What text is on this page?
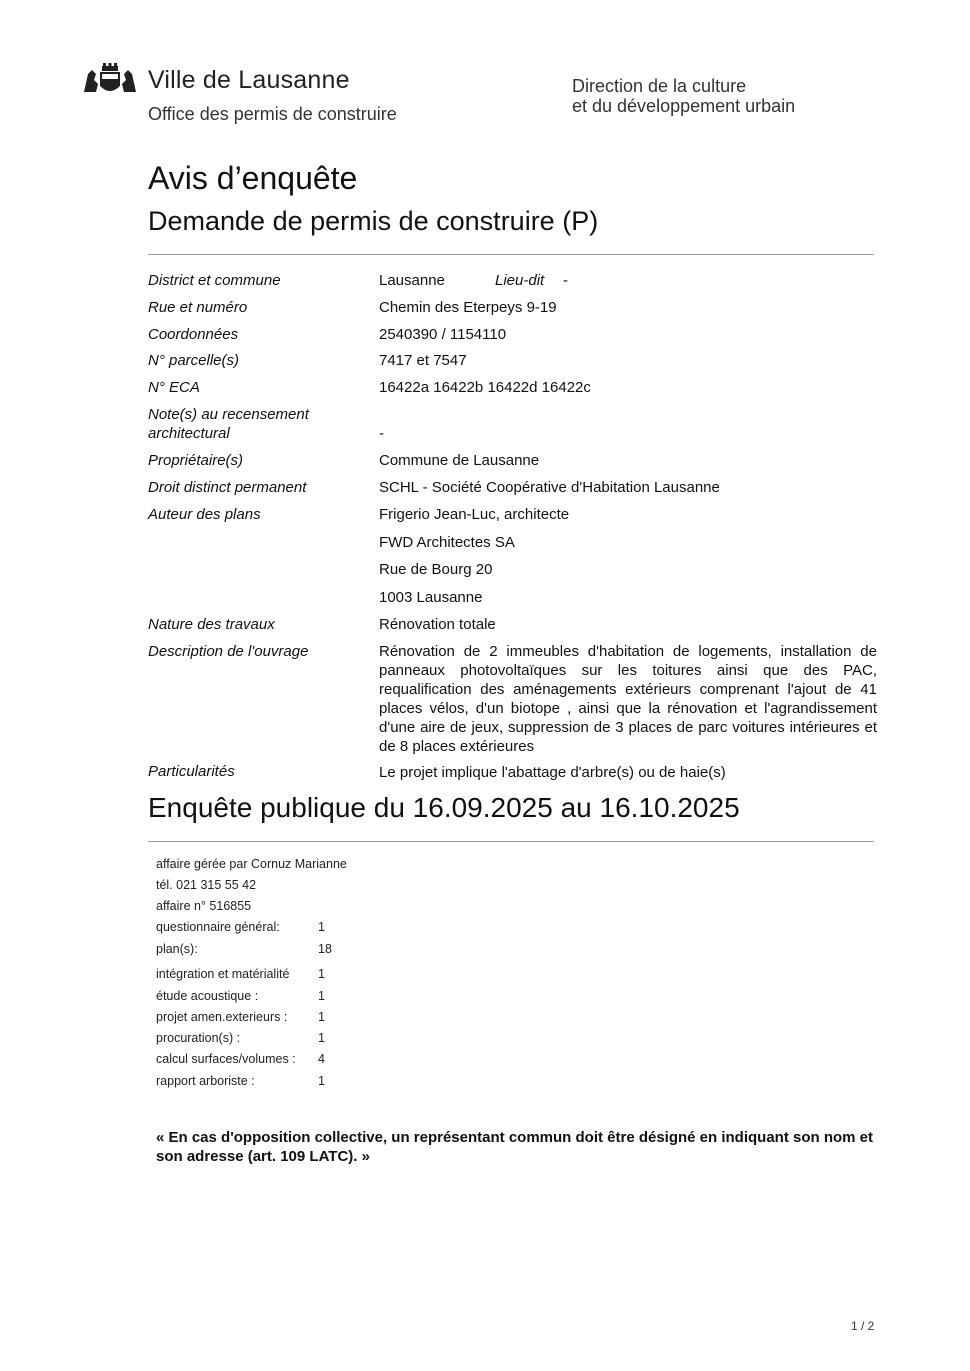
Ville de Lausanne
Office des permis de construire
Direction de la culture
et du développement urbain
Avis d’enquête
Demande de permis de construire (P)
District et commune	Lausanne	Lieu-dit -
Rue et numéro	Chemin des Eterpeys 9-19
Coordonnées	2540390 / 1154110
N° parcelle(s)	7417 et 7547
N° ECA	16422a 16422b 16422d 16422c
Note(s) au recensement
architectural	-
Propriétaire(s)	Commune de Lausanne
Droit distinct permanent	SCHL - Société Coopérative d'Habitation Lausanne
Auteur des plans	Frigerio Jean-Luc, architecte
FWD Architectes SA
Rue de Bourg 20
1003 Lausanne
Nature des travaux	Rénovation totale
Description de l'ouvrage	Rénovation de 2 immeubles d'habitation de logements, installation de panneaux photovoltaïques sur les toitures ainsi que des PAC, requalification des aménagements extérieurs comprenant l'ajout de 41 places vélos, d'un biotope , ainsi que la rénovation et l'agrandissement d'une aire de jeux, suppression de 3 places de parc voitures intérieures et de 8 places extérieures
Particularités	Le projet implique l'abattage d'arbre(s) ou de haie(s)
Enquête publique du 16.09.2025 au 16.10.2025
affaire gérée par Cornuz Marianne
tél. 021 315 55 42
affaire n° 516855
questionnaire général:	1
plan(s):	18
intégration et matérialité 1
étude acoustique :	1
projet amen.exterieurs : 1
procuration(s) :	1
calcul surfaces/volumes : 4
rapport arboriste :	1
« En cas d'opposition collective, un représentant commun doit être désigné en indiquant son nom et son adresse (art. 109 LATC). »
1 / 2
